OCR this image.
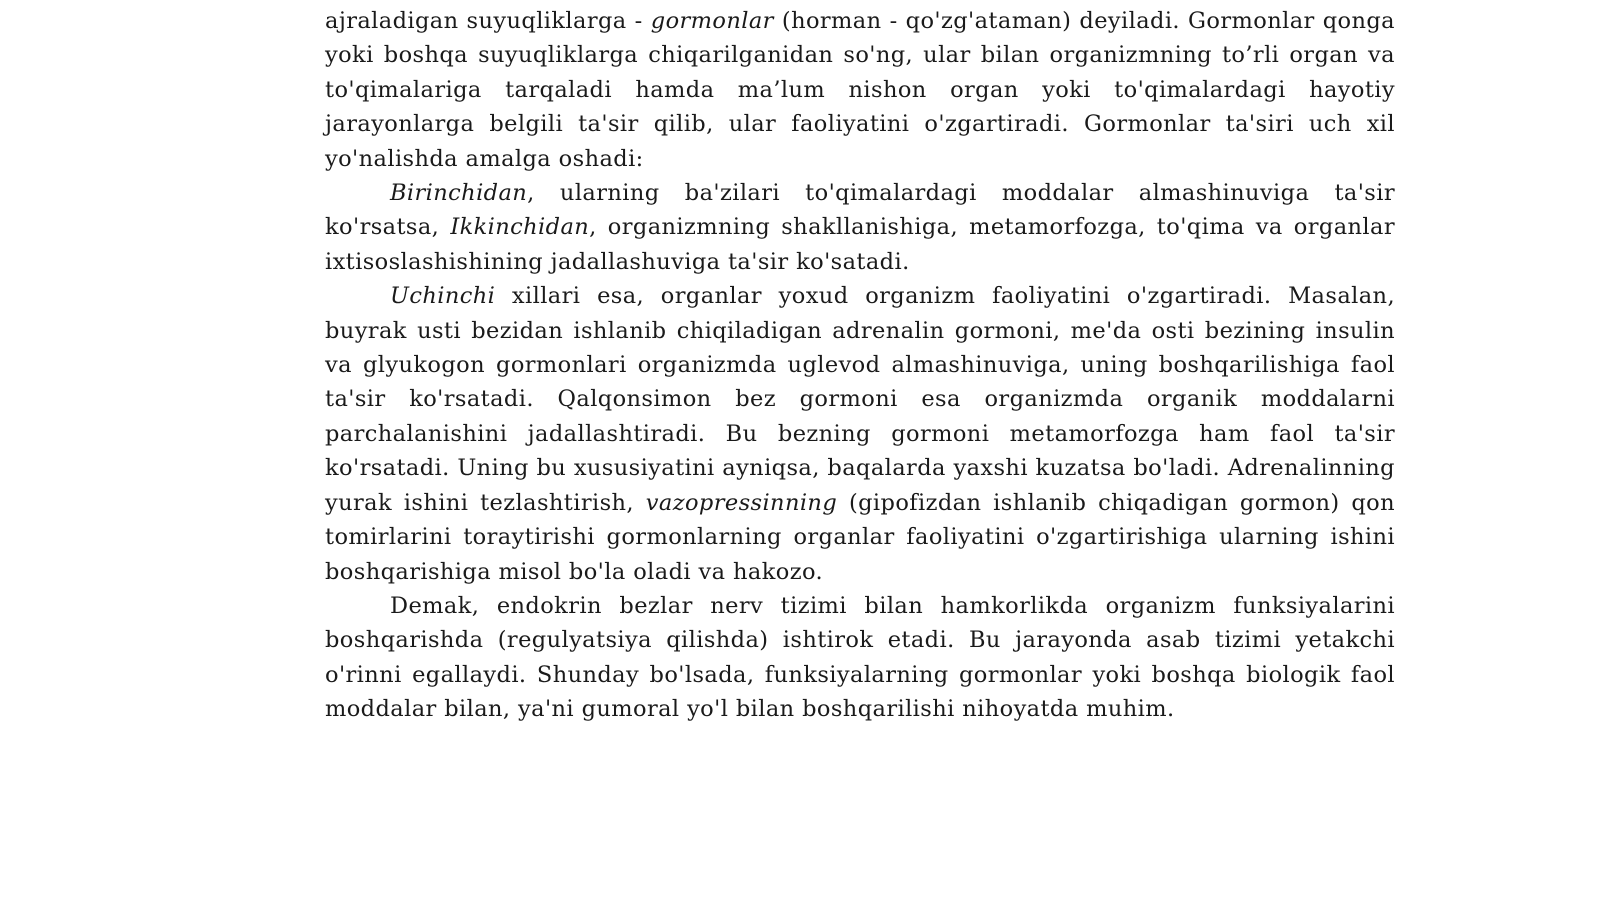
ajraladigan suyuqliklarga - gormonlar (horman - qo'zg'ataman) deyiladi. Gormonlar qonga yoki boshqa suyuqliklarga chiqarilganidan so'ng, ular bilan organizmning to’rli organ va to'qimalariga tarqaladi hamda ma’lum nishon organ yoki to'qimalardagi hayotiy jarayonlarga belgili ta'sir qilib, ular faoliyatini o'zgartiradi. Gormonlar ta'siri uch xil yo'nalishda amalga oshadi:

Birinchidan, ularning ba'zilari to'qimalardagi moddalar almashinuviga ta'sir ko'rsatsa, Ikkinchidan, organizmning shakllanishiga, metamorfozga, to'qima va organlar ixtisoslashishining jadallashuviga ta'sir ko'satadi.

Uchinchi xillari esa, organlar yoxud organizm faoliyatini o'zgartiradi. Masalan, buyrak usti bezidan ishlanib chiqiladigan adrenalin gormoni, me'da osti bezining insulin va glyukogon gormonlari organizmda uglevod almashinuviga, uning boshqarilishiga faol ta'sir ko'rsatadi. Qalqonsimon bez gormoni esa organizmda organik moddalarni parchalanishini jadallashtiradi. Bu bezning gormoni metamorfozga ham faol ta'sir ko'rsatadi. Uning bu xususiyatini ayniqsa, baqalarda yaxshi kuzatsa bo'ladi. Adrenalinning yurak ishini tezlashtirish, vazopressinning (gipofizdan ishlanib chiqadigan gormon) qon tomirlarini toraytirishi gormonlarning organlar faoliyatini o'zgartirishiga ularning ishini boshqarishiga misol bo'la oladi va hakozo.

Demak, endokrin bezlar nerv tizimi bilan hamkorlikda organizm funksiyalarini boshqarishda (regulyatsiya qilishda) ishtirok etadi. Bu jarayonda asab tizimi yetakchi o'rinni egallaydi. Shunday bo'lsada, funksiyalarning gormonlar yoki boshqa biologik faol moddalar bilan, ya'ni gumoral yo'l bilan boshqarilishi nihoyatda muhim.
